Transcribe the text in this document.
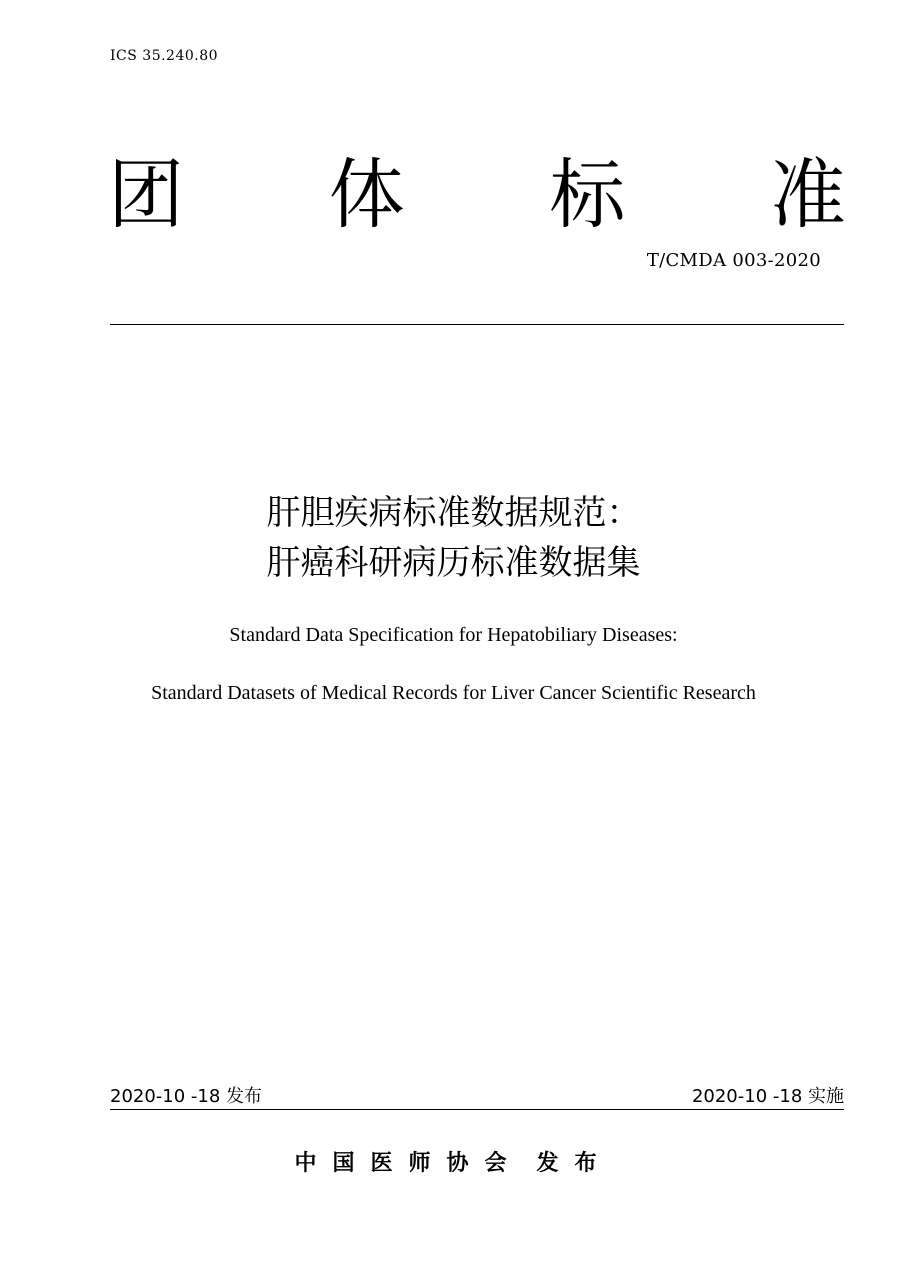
ICS 35.240.80
团 体 标 准
T/CMDA 003-2020
肝胆疾病标准数据规范：
肝癌科研病历标准数据集
Standard Data Specification for Hepatobiliary Diseases:
Standard Datasets of Medical Records for Liver Cancer Scientific Research
2020-10 -18 发布	2020-10 -18 实施
中国医师协会 发布
